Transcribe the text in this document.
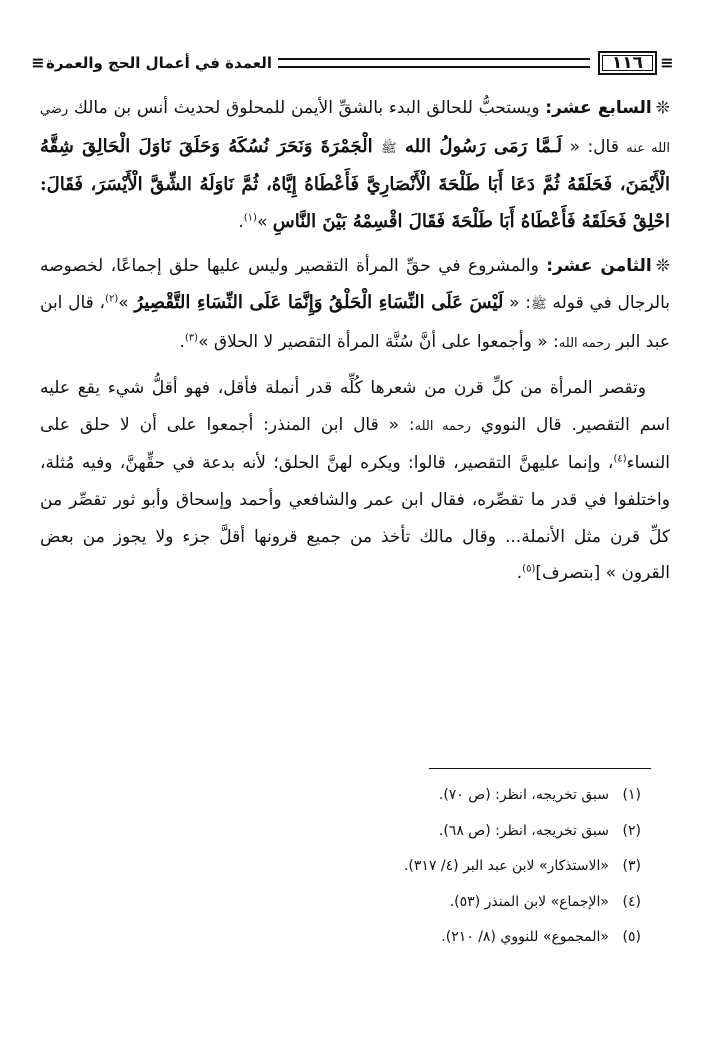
≡
١١٦
العمدة في أعمال الحج والعمرة
≡

❊السابع عشر: ويستحبُّ للحالق البدء بالشقِّ الأيمن للمحلوق لحديث أنس بن مالك رضي الله عنه قال: « لَـمَّا رَمَى رَسُولُ الله ﷺ الْجَمْرَةَ وَنَحَرَ نُسُكَهُ وَحَلَقَ نَاوَلَ الْحَالِقَ شِقَّهُ الْأَيْمَنَ، فَحَلَقَهُ ثُمَّ دَعَا أَبَا طَلْحَةَ الْأَنْصَارِيَّ فَأَعْطَاهُ إِيَّاهُ، ثُمَّ نَاوَلَهُ الشِّقَّ الْأَيْسَرَ، فَقَالَ: احْلِقْ فَحَلَقَهُ فَأَعْطَاهُ أَبَا طَلْحَةَ فَقَالَ اقْسِمْهُ بَيْنَ النَّاسِ »$^{(١)}$.

❊الثامن عشر: والمشروع في حقِّ المرأة التقصير وليس عليها حلق إجماعًا، لخصوصه بالرجال في قوله ﷺ: « لَيْسَ عَلَى النِّسَاءِ الْحَلْقُ وَإِنَّمَا عَلَى النِّسَاءِ التَّقْصِيرُ »$^{(٢)}$، قال ابن عبد البر رحمه الله: « وأجمعوا على أنَّ سُنَّة المرأة التقصير لا الحلاق »$^{(٣)}$.

وتقصر المرأة من كلِّ قرن من شعرها كُلِّه قدر أنملة فأقل، فهو أقلُّ شيء يقع عليه اسم التقصير. قال النووي رحمه الله: « قال ابن المنذر: أجمعوا على أن لا حلق على النساء$^{(٤)}$، وإنما عليهنَّ التقصير، قالوا: ويكره لهنَّ الحلق؛ لأنه بدعة في حقِّهنَّ، وفيه مُثلة، واختلفوا في قدر ما تقصِّره، فقال ابن عمر والشافعي وأحمد وإسحاق وأبو ثور تقصِّر من كلِّ قرن مثل الأنملة... وقال مالك تأخذ من جميع قرونها أقلَّ جزء ولا يجوز من بعض القرون » [بتصرف]$^{(٥)}$.

(١)
سبق تخريجه، انظر: (ص ٧٠).
(٢)
سبق تخريجه، انظر: (ص ٦٨).
(٣)
«الاستذكار» لابن عبد البر (٤/ ٣١٧).
(٤)
«الإجماع» لابن المنذر (٥٣).
(٥)
«المجموع» للنووي (٨/ ٢١٠).
